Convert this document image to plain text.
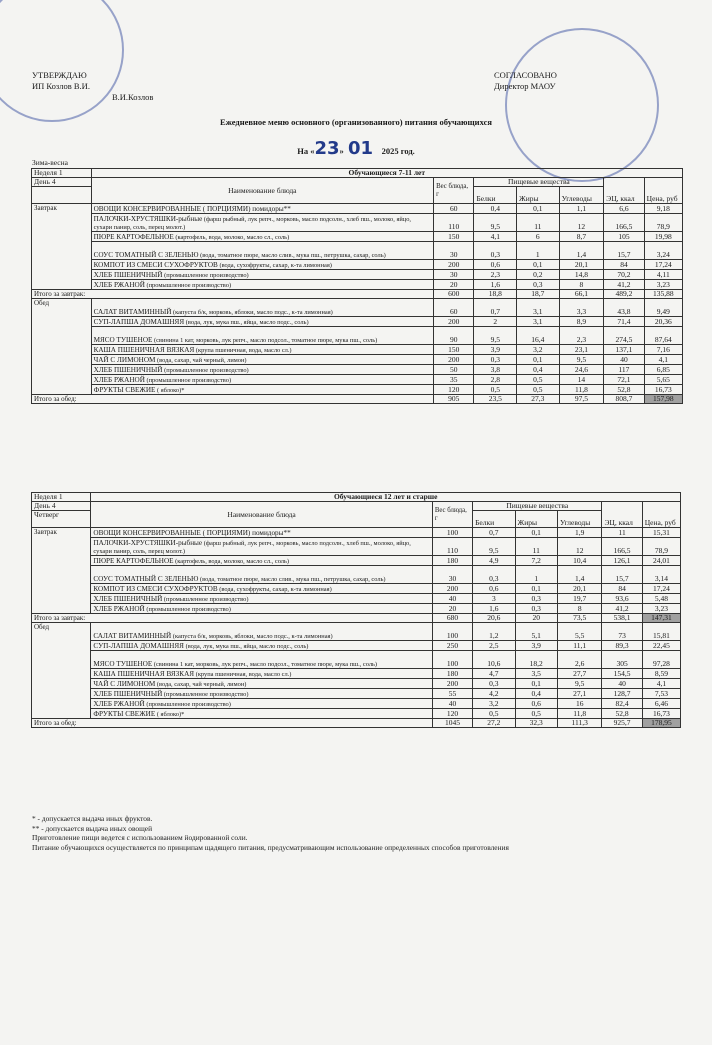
УТВЕРЖДАЮ
ИП Козлов В.И.
В.И.Козлов
СОГЛАСОВАНО
Директор МАОУ
Ежедневное меню основного (организованного) питания обучающихся
На «23» 01 2025 год.
Зима-весна
Неделя 1	Обучающиеся 7-11 лет						
День 4	Наименование блюда	Вес блюда, г	Пищевые вещества			ЭЦ, ккал	Цена, руб
			Белки	Жиры	Углеводы		

Завтрак	ОВОЩИ КОНСЕРВИРОВАННЫЕ ( ПОРЦИЯМИ) помидоры**	60	0,4	0,1	1,1	6,6	9,18
	ПАЛОЧКИ-ХРУСТЯШКИ-рыбные (фарш рыбный, лук репч., морковь, масло подсолн., хлеб пш., молоко, яйцо, сухари панир, соль, перец молот.)	110	9,5	11	12	166,5	78,9
	ПЮРЕ КАРТОФЕЛЬНОЕ (картофель, вода, молоко, масло сл., соль)	150	4,1	6	8,7	105	19,98
	СОУС ТОМАТНЫЙ С ЗЕЛЕНЬЮ (вода, томатное пюре, масло слив., мука пш., петрушка, сахар, соль)	30	0,3	1	1,4	15,7	3,24
	КОМПОТ ИЗ СМЕСИ СУХОФРУКТОВ (вода, сухофрукты, сахар, к-та лимонная)	200	0,6	0,1	20,1	84	17,24
	ХЛЕБ ПШЕНИЧНЫЙ (промышленное производство)	30	2,3	0,2	14,8	70,2	4,11
	ХЛЕБ РЖАНОЙ (промышленное производство)	20	1,6	0,3	8	41,2	3,23
Итого за завтрак:		600	18,8	18,7	66,1	489,2	135,88
Обед	САЛАТ ВИТАМИННЫЙ (капуста б/к, морковь, яблоки, масло подс., к-та лимонная)	60	0,7	3,1	3,3	43,8	9,49
	СУП-ЛАПША ДОМАШНЯЯ (вода, лук, мука пш., яйца, масло подс., соль)	200	2	3,1	8,9	71,4	20,36
	МЯСО ТУШЕНОЕ (свинина 1 кат, морковь, лук репч., масло подсол., томатное пюре, мука пш., соль)	90	9,5	16,4	2,3	274,5	87,64
	КАША ПШЕНИЧНАЯ ВЯЗКАЯ (крупа пшеничная, вода, масло сл.)	150	3,9	3,2	23,1	137,1	7,16
	ЧАЙ С ЛИМОНОМ (вода, сахар, чай черный, лимон)	200	0,3	0,1	9,5	40	4,1
	ХЛЕБ ПШЕНИЧНЫЙ (промышленное производство)	50	3,8	0,4	24,6	117	6,85
	ХЛЕБ РЖАНОЙ (промышленное производство)	35	2,8	0,5	14	72,1	5,65
	ФРУКТЫ СВЕЖИЕ ( яблоко)*	120	0,5	0,5	11,8	52,8	16,73
Итого за обед:		905	23,5	27,3	97,5	808,7	157,98
Неделя 1	Обучающиеся 12 лет и старше						
День 4	Наименование блюда	Вес блюда, г	Пищевые вещества			ЭЦ, ккал	Цена, руб
Четверг			Белки	Жиры	Углеводы		

Завтрак	ОВОЩИ КОНСЕРВИРОВАННЫЕ ( ПОРЦИЯМИ) помидоры**	100	0,7	0,1	1,9	11	15,31
	ПАЛОЧКИ-ХРУСТЯШКИ-рыбные (фарш рыбный, лук репч., морковь, масло подсолн., хлеб пш., молоко, яйцо, сухари панир, соль, перец молот.)	110	9,5	11	12	166,5	78,9
	ПЮРЕ КАРТОФЕЛЬНОЕ (картофель, вода, молоко, масло сл., соль)	180	4,9	7,2	10,4	126,1	24,01
	СОУС ТОМАТНЫЙ С ЗЕЛЕНЬЮ (вода, томатное пюре, масло слив., мука пш., петрушка, сахар, соль)	30	0,3	1	1,4	15,7	3,14
	КОМПОТ ИЗ СМЕСИ СУХОФРУКТОВ (вода, сухофрукты, сахар, к-та лимонная)	200	0,6	0,1	20,1	84	17,24
	ХЛЕБ ПШЕНИЧНЫЙ (промышленное производство)	40	3	0,3	19,7	93,6	5,48
	ХЛЕБ РЖАНОЙ (промышленное производство)	20	1,6	0,3	8	41,2	3,23
Итого за завтрак:		680	20,6	20	73,5	538,1	147,31
Обед	САЛАТ ВИТАМИННЫЙ (капуста б/к, морковь, яблоки, масло подс., к-та лимонная)	100	1,2	5,1	5,5	73	15,81
	СУП-ЛАПША ДОМАШНЯЯ (вода, лук, мука пш., яйца, масло подс., соль)	250	2,5	3,9	11,1	89,3	22,45
	МЯСО ТУШЕНОЕ (свинина 1 кат, морковь, лук репч., масло подсол., томатное пюре, мука пш., соль)	100	10,6	18,2	2,6	305	97,28
	КАША ПШЕНИЧНАЯ ВЯЗКАЯ (крупа пшеничная, вода, масло сл.)	180	4,7	3,5	27,7	154,5	8,59
	ЧАЙ С ЛИМОНОМ (вода, сахар, чай черный, лимон)	200	0,3	0,1	9,5	40	4,1
	ХЛЕБ ПШЕНИЧНЫЙ (промышленное производство)	55	4,2	0,4	27,1	128,7	7,53
	ХЛЕБ РЖАНОЙ (промышленное производство)	40	3,2	0,6	16	82,4	6,46
	ФРУКТЫ СВЕЖИЕ ( яблоко)*	120	0,5	0,5	11,8	52,8	16,73
Итого за обед:		1045	27,2	32,3	111,3	925,7	178,95
* - допускается выдача иных фруктов.
** - допускается выдача иных овощей
Приготовление пищи ведется с использованием йодированной соли.
Питание обучающихся осуществляется по принципам щадящего питания, предусматривающим использование определенных способов приготовления
